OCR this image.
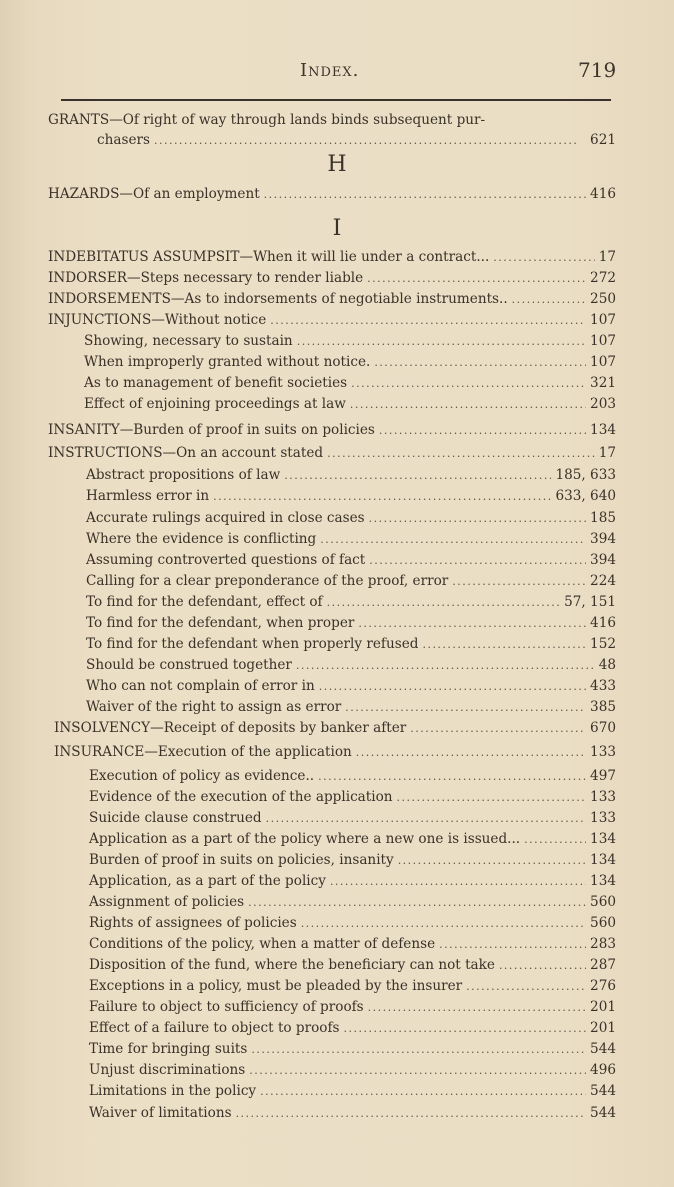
Index.	719
GRANTS—Of right of way through lands binds subsequent pur-
chasers . . .	621
H
HAZARDS—Of an employment . . .	416
I
INDEBITATUS ASSUMPSIT—When it will lie under a contract... . . .	17
INDORSER—Steps necessary to render liable . . .	272
INDORSEMENTS—As to indorsements of negotiable instruments.. . . .	250
INJUNCTIONS—Without notice . . .	107
Showing, necessary to sustain . . .	107
When improperly granted without notice. . . .	107
As to management of benefit societies . . .	321
Effect of enjoining proceedings at law . . .	203
INSANITY—Burden of proof in suits on policies . . .	134
INSTRUCTIONS—On an account stated . . .	17
Abstract propositions of law . . .	185, 633
Harmless error in . . .	633, 640
Accurate rulings acquired in close cases . . .	185
Where the evidence is conflicting . . .	394
Assuming controverted questions of fact . . .	394
Calling for a clear preponderance of the proof, error . . .	224
To find for the defendant, effect of . . .	57, 151
To find for the defendant, when proper . . .	416
To find for the defendant when properly refused . . .	152
Should be construed together . . .	48
Who can not complain of error in . . .	433
Waiver of the right to assign as error . . .	385
INSOLVENCY—Receipt of deposits by banker after . . .	670
INSURANCE—Execution of the application . . .	133
Execution of policy as evidence.. . . .	497
Evidence of the execution of the application . . .	133
Suicide clause construed . . .	133
Application as a part of the policy where a new one is issued... . . .	134
Burden of proof in suits on policies, insanity . . .	134
Application, as a part of the policy . . .	134
Assignment of policies . . .	560
Rights of assignees of policies . . .	560
Conditions of the policy, when a matter of defense . . .	283
Disposition of the fund, where the beneficiary can not take . . .	287
Exceptions in a policy, must be pleaded by the insurer . . .	276
Failure to object to sufficiency of proofs . . .	201
Effect of a failure to object to proofs . . .	201
Time for bringing suits . . .	544
Unjust discriminations . . .	496
Limitations in the policy . . .	544
Waiver of limitations . . .	544
